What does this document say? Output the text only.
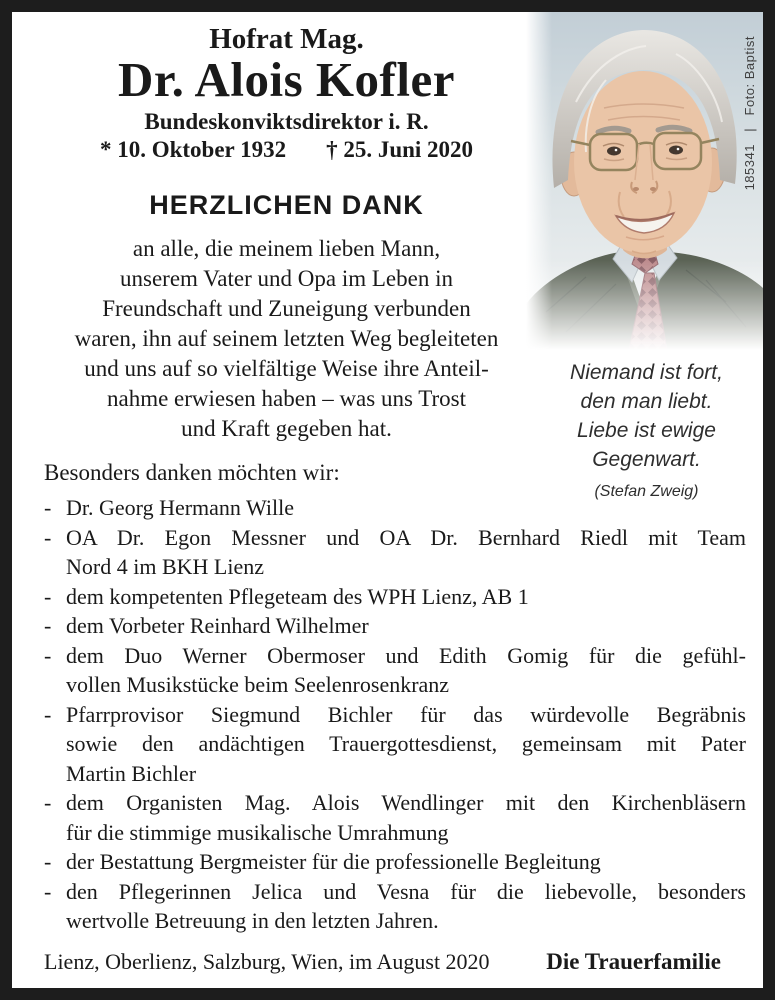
185341   |   Foto: Baptist
Niemand ist fort,
den man liebt.
Liebe ist ewige
Gegenwart.
(Stefan Zweig)
Hofrat Mag.
Dr. Alois Kofler
Bundeskonviktsdirektor i. R.
* 10. Oktober 1932 † 25. Juni 2020
HERZLICHEN DANK
an alle, die meinem lieben Mann,
unserem Vater und Opa im Leben in
Freundschaft und Zuneigung verbunden
waren, ihn auf seinem letzten Weg begleiteten
und uns auf so vielfältige Weise ihre Anteil-
nahme erwiesen haben – was uns Trost
und Kraft gegeben hat.
Besonders danken möchten wir:
- Dr. Georg Hermann Wille
- OA Dr. Egon Messner und OA Dr. Bernhard Riedl mit Team
Nord 4 im BKH Lienz
- dem kompetenten Pflegeteam des WPH Lienz, AB 1
- dem Vorbeter Reinhard Wilhelmer
- dem Duo Werner Obermoser und Edith Gomig für die gefühl-
vollen Musikstücke beim Seelenrosenkranz
- Pfarrprovisor Siegmund Bichler für das würdevolle Begräbnis
sowie den andächtigen Trauergottesdienst, gemeinsam mit Pater
Martin Bichler
- dem Organisten Mag. Alois Wendlinger mit den Kirchenbläsern
für die stimmige musikalische Umrahmung
- der Bestattung Bergmeister für die professionelle Begleitung
- den Pflegerinnen Jelica und Vesna für die liebevolle, besonders
wertvolle Betreuung in den letzten Jahren.
Lienz, Oberlienz, Salzburg, Wien, im August 2020 Die Trauerfamilie
